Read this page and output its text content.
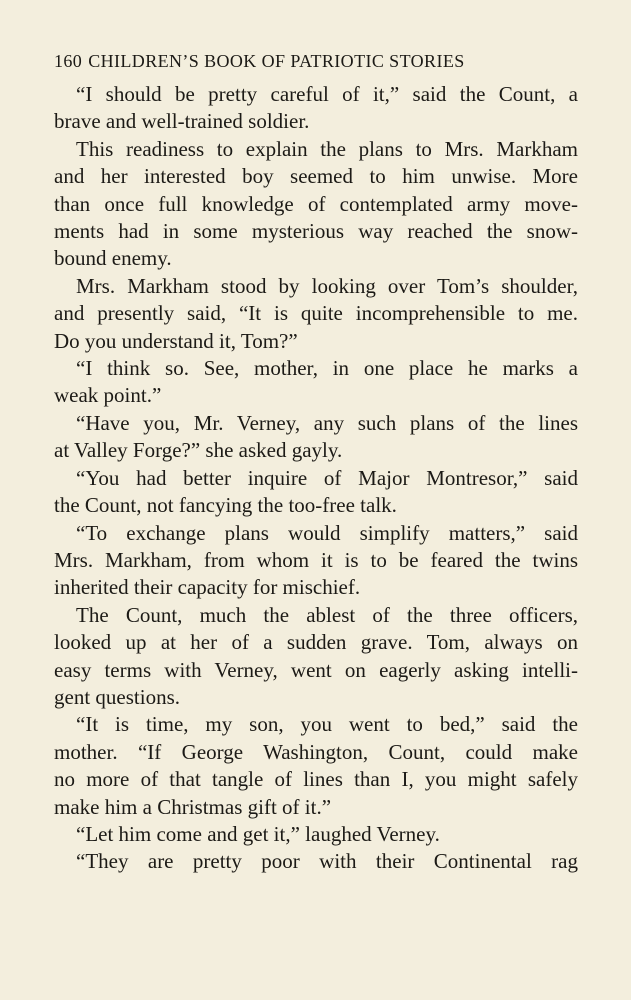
160 CHILDREN’S BOOK OF PATRIOTIC STORIES

“I should be pretty careful of it,” said the Count, a
brave and well-trained soldier.

This readiness to explain the plans to Mrs. Markham
and her interested boy seemed to him unwise. More
than once full knowledge of contemplated army move-
ments had in some mysterious way reached the snow-
bound enemy.

Mrs. Markham stood by looking over Tom’s shoulder,
and presently said, “It is quite incomprehensible to me.
Do you understand it, Tom?”

“I think so. See, mother, in one place he marks a
weak point.”

“Have you, Mr. Verney, any such plans of the lines
at Valley Forge?” she asked gayly.

“You had better inquire of Major Montresor,” said
the Count, not fancying the too-free talk.

“To exchange plans would simplify matters,” said
Mrs. Markham, from whom it is to be feared the twins
inherited their capacity for mischief.

The Count, much the ablest of the three officers,
looked up at her of a sudden grave. Tom, always on
easy terms with Verney, went on eagerly asking intelli-
gent questions.

“It is time, my son, you went to bed,” said the
mother. “If George Washington, Count, could make
no more of that tangle of lines than I, you might safely
make him a Christmas gift of it.”

“Let him come and get it,” laughed Verney.

“They are pretty poor with their Continental rag
